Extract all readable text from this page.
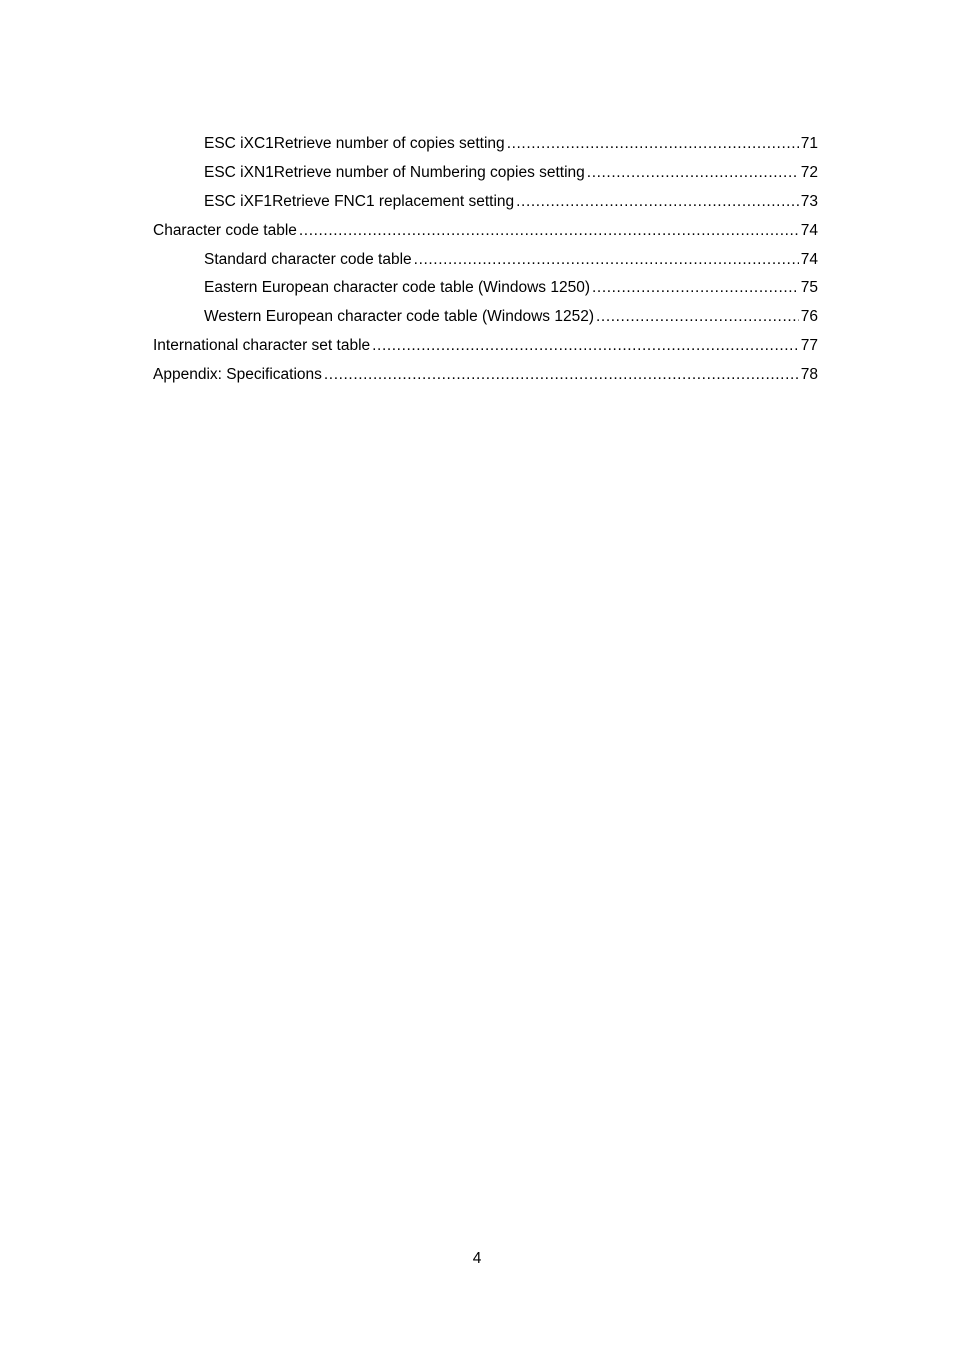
ESC iXC1 Retrieve number of copies setting .....	71
ESC iXN1 Retrieve number of Numbering copies setting .....	72
ESC iXF1 Retrieve FNC1 replacement setting .....	73
Character code table .....	74
Standard character code table .....	74
Eastern European character code table (Windows 1250) .....	75
Western European character code table (Windows 1252) .....	76
International character set table .....	77
Appendix: Specifications .....	78
4
